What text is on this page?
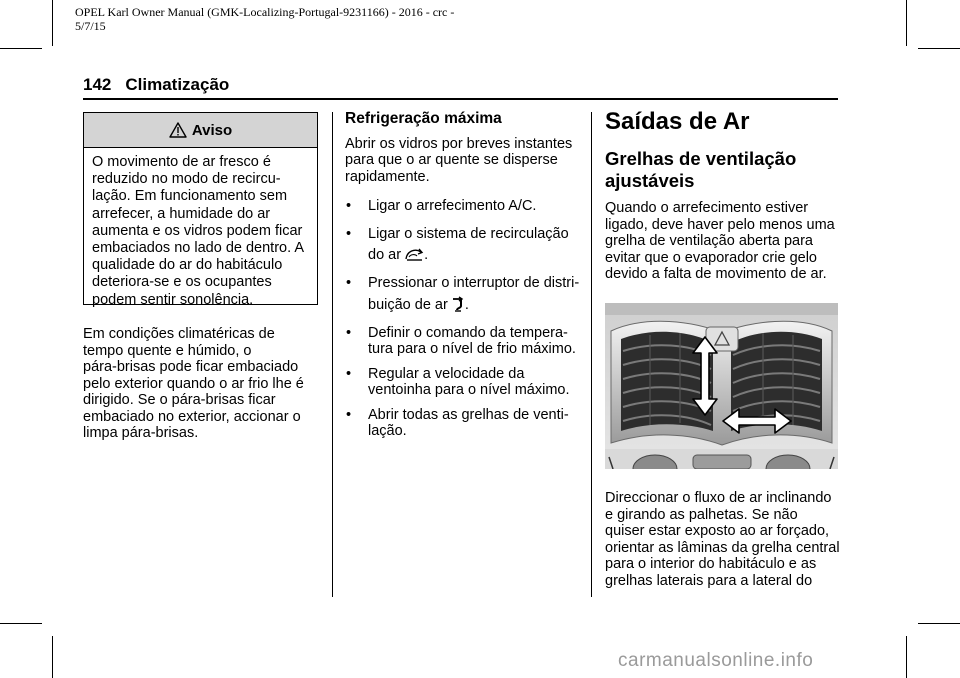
OPEL Karl Owner Manual (GMK-Localizing-Portugal-9231166) - 2016 - crc -
5/7/15
142 Climatização
Aviso
O movimento de ar fresco é
reduzido no modo de recircu-
lação. Em funcionamento sem
arrefecer, a humidade do ar
aumenta e os vidros podem ficar
embaciados no lado de dentro. A
qualidade do ar do habitáculo
deteriora-se e os ocupantes
podem sentir sonolência.
Em condições climatéricas de
tempo quente e húmido, o
pára-brisas pode ficar embaciado
pelo exterior quando o ar frio lhe é
dirigido. Se o pára-brisas ficar
embaciado no exterior, accionar o
limpa pára-brisas.
Refrigeração máxima
Abrir os vidros por breves instantes
para que o ar quente se disperse
rapidamente.
• Ligar o arrefecimento A/C.
• Ligar o sistema de recirculação
do ar .
• Pressionar o interruptor de distri-
buição de ar .
• Definir o comando da tempera-
tura para o nível de frio máximo.
• Regular a velocidade da
ventoinha para o nível máximo.
• Abrir todas as grelhas de venti-
lação.
Saídas de Ar
Grelhas de ventilação
ajustáveis
Quando o arrefecimento estiver
ligado, deve haver pelo menos uma
grelha de ventilação aberta para
evitar que o evaporador crie gelo
devido a falta de movimento de ar.
Direccionar o fluxo de ar inclinando
e girando as palhetas. Se não
quiser estar exposto ao ar forçado,
orientar as lâminas da grelha central
para o interior do habitáculo e as
grelhas laterais para a lateral do
carmanualsonline.info
